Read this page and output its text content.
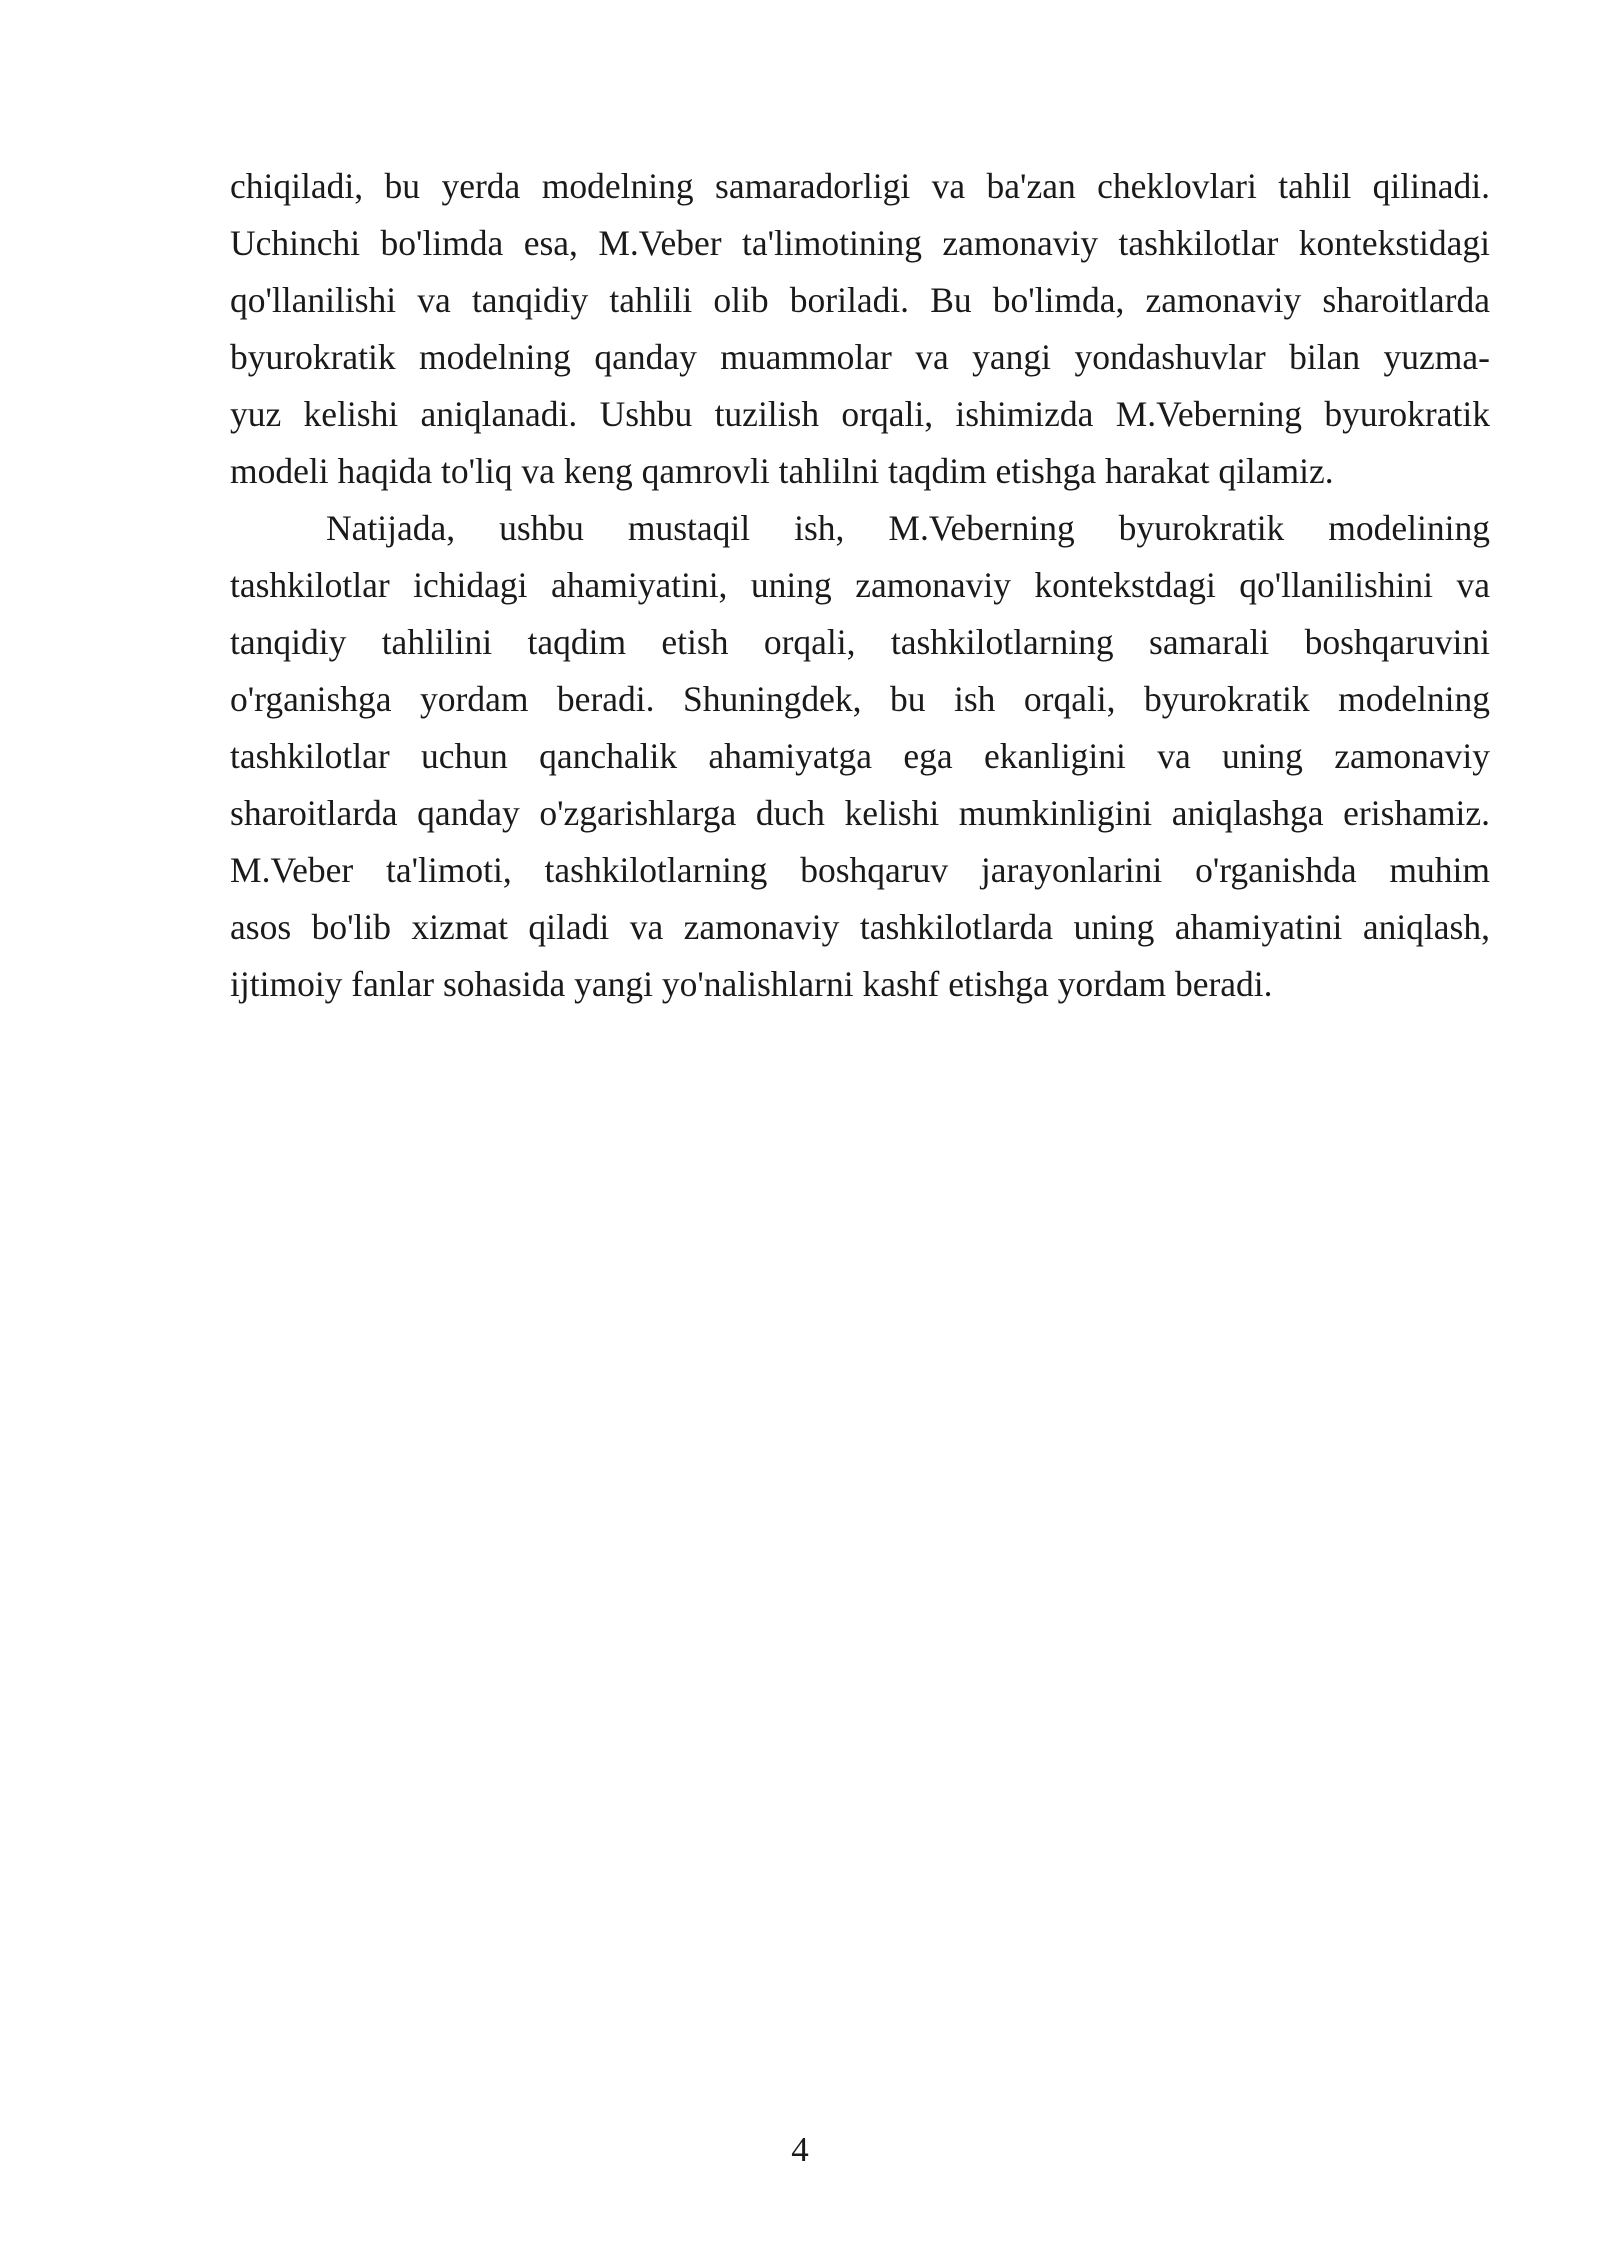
chiqiladi, bu yerda modelning samaradorligi va ba'zan cheklovlari tahlil qilinadi.
Uchinchi bo'limda esa, M.Veber ta'limotining zamonaviy tashkilotlar kontekstidagi
qo'llanilishi va tanqidiy tahlili olib boriladi. Bu bo'limda, zamonaviy sharoitlarda
byurokratik modelning qanday muammolar va yangi yondashuvlar bilan yuzma-
yuz kelishi aniqlanadi. Ushbu tuzilish orqali, ishimizda M.Veberning byurokratik
modeli haqida to'liq va keng qamrovli tahlilni taqdim etishga harakat qilamiz.

Natijada, ushbu mustaqil ish, M.Veberning byurokratik modelining
tashkilotlar ichidagi ahamiyatini, uning zamonaviy kontekstdagi qo'llanilishini va
tanqidiy tahlilini taqdim etish orqali, tashkilotlarning samarali boshqaruvini
o'rganishga yordam beradi. Shuningdek, bu ish orqali, byurokratik modelning
tashkilotlar uchun qanchalik ahamiyatga ega ekanligini va uning zamonaviy
sharoitlarda qanday o'zgarishlarga duch kelishi mumkinligini aniqlashga erishamiz.
M.Veber ta'limoti, tashkilotlarning boshqaruv jarayonlarini o'rganishda muhim
asos bo'lib xizmat qiladi va zamonaviy tashkilotlarda uning ahamiyatini aniqlash,
ijtimoiy fanlar sohasida yangi yo'nalishlarni kashf etishga yordam beradi.

4
